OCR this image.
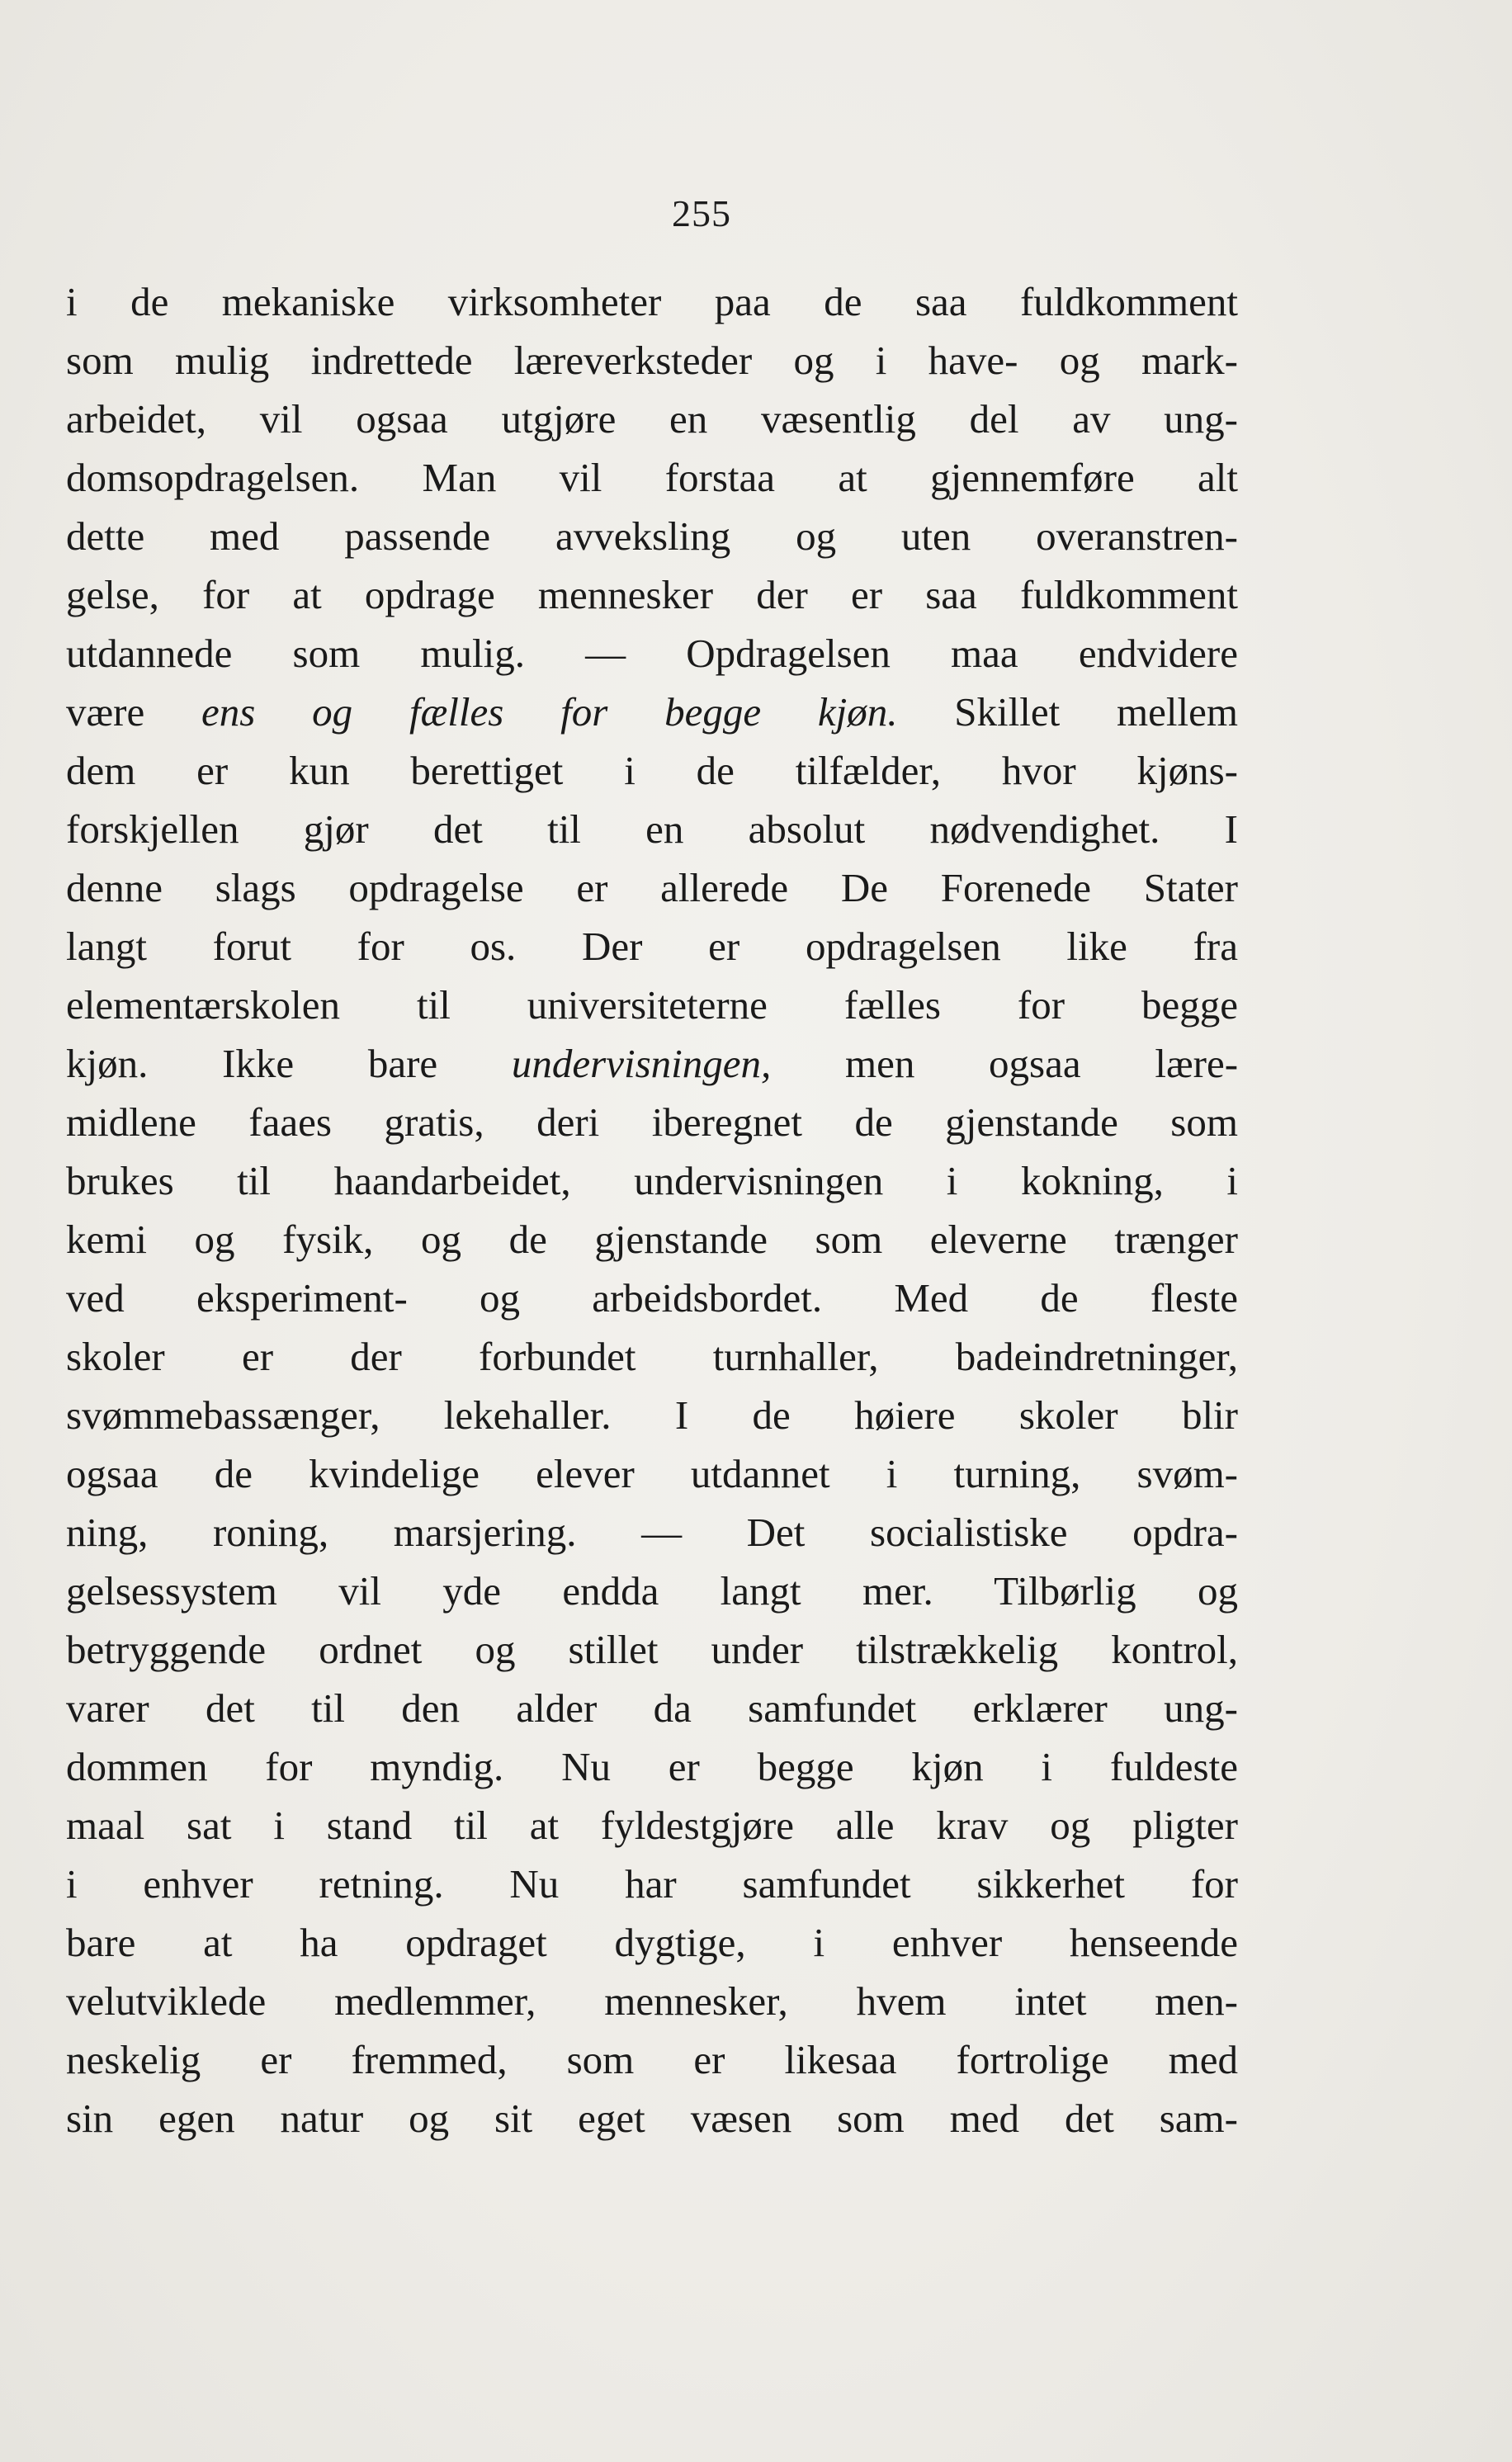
255
i de mekaniske virksomheter paa de saa fuldkomment
som mulig indrettede læreverksteder og i have- og mark-
arbeidet, vil ogsaa utgjøre en væsentlig del av ung-
domsopdragelsen. Man vil forstaa at gjennemføre alt
dette med passende avveksling og uten overanstren-
gelse, for at opdrage mennesker der er saa fuldkomment
utdannede som mulig. — Opdragelsen maa endvidere
være ens og fælles for begge kjøn. Skillet mellem
dem er kun berettiget i de tilfælder, hvor kjøns-
forskjellen gjør det til en absolut nødvendighet. I
denne slags opdragelse er allerede De Forenede Stater
langt forut for os. Der er opdragelsen like fra
elementærskolen til universiteterne fælles for begge
kjøn. Ikke bare undervisningen, men ogsaa lære-
midlene faaes gratis, deri iberegnet de gjenstande som
brukes til haandarbeidet, undervisningen i kokning, i
kemi og fysik, og de gjenstande som eleverne trænger
ved eksperiment- og arbeidsbordet. Med de fleste
skoler er der forbundet turnhaller, badeindretninger,
svømmebassænger, lekehaller. I de høiere skoler blir
ogsaa de kvindelige elever utdannet i turning, svøm-
ning, roning, marsjering. — Det socialistiske opdra-
gelsessystem vil yde endda langt mer. Tilbørlig og
betryggende ordnet og stillet under tilstrækkelig kontrol,
varer det til den alder da samfundet erklærer ung-
dommen for myndig. Nu er begge kjøn i fuldeste
maal sat i stand til at fyldestgjøre alle krav og pligter
i enhver retning. Nu har samfundet sikkerhet for
bare at ha opdraget dygtige, i enhver henseende
velutviklede medlemmer, mennesker, hvem intet men-
neskelig er fremmed, som er likesaa fortrolige med
sin egen natur og sit eget væsen som med det sam-
